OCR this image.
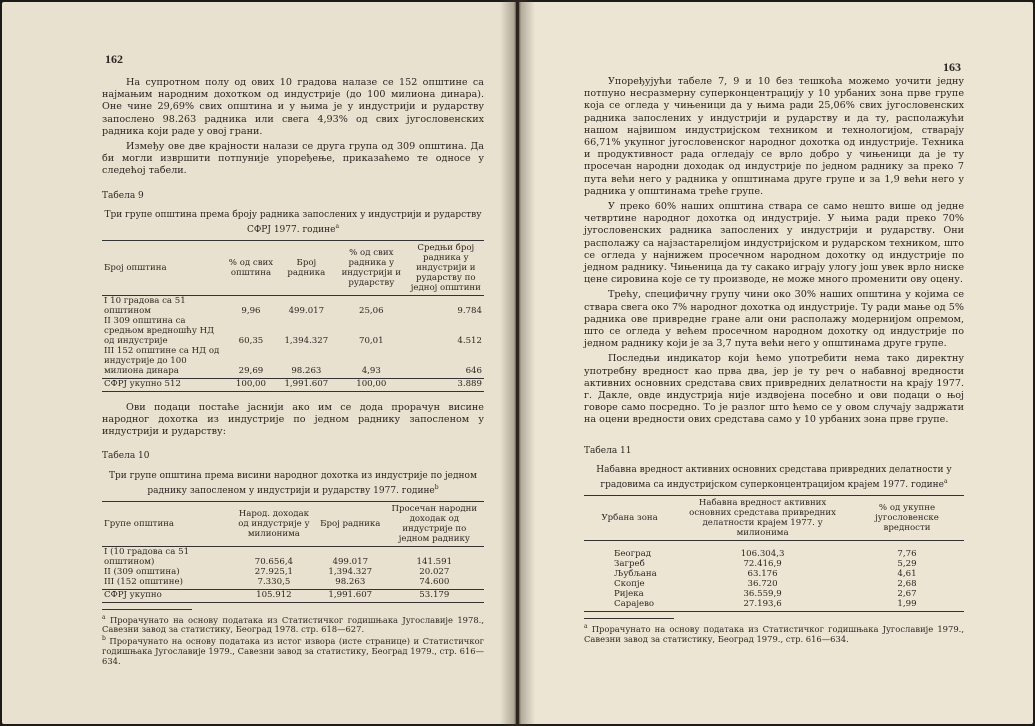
162

На супротном полу од ових 10 градова налазе се 152 општине са најмањим народним дохотком од индустрије (до 100 милиона динара). Оне чине 29,69% свих општина и у њима је у индустрији и рударству запослено 98.263 радника или свега 4,93% од свих југословенских радника који раде у овој грани.

Између ове две крајности налази се друга група од 309 општина. Да би могли извршити потпуније упоређење, приказаћемо те односе у следећој табели.

Табела 9
Три групе општина према броју радника запослених у индустрији и рударству СФРЈ 1977. године$^a$
Број општина	% од свих општина	Број радника	% од свих радника у индустрији и рударству	Средњи број радника у индустрији и рударству по једној општини
I 10 градова са 51 општином	9,96	499.017	25,06	9.784
II 309 општина са средњом вредношћу НД од индустрије	60,35	1,394.327	70,01	4.512
III 152 општине са НД од индустрије до 100 милиона динара	29,69	98.263	4,93	646
СФРЈ укупно 512	100,00	1,991.607	100,00	3.889

Ови подаци постаће јаснији ако им се дода прорачун висине народног дохотка из индустрије по једном раднику запосленом у индустрији и рударству:

Табела 10
Три групе општина према висини народног дохотка из индустрије по једном раднику запосленом у индустрији и рударству 1977. године$^b$
Групе општина	Народ. доходак од индустрије у милионима	Број радника	Просечан народни доходак од индустрије по једном раднику
I (10 градова са 51 општином)	70.656,4	499.017	141.591
II (309 општина)	27.925,1	1,394.327	20.027
III (152 општине)	7.330,5	98.263	74.600
СФРЈ укупно	105.912	1,991.607	53.179
$^a$ Прорачунато на основу података из Статистичког годишњака Југославије 1978., Савезни завод за статистику, Београд 1978. стр. 618—627.
$^b$ Прорачунато на основу података из истог извора (исте странице) и Статистичког годишњака Југославије 1979., Савезни завод за статистику, Београд 1979., стр. 616—634.
163

Упоређујући табелe 7, 9 и 10 без тешкоћа можемо уочити једну потпуно несразмерну суперконцентрацију у 10 урбаних зона прве групе која се огледа у чињеници да у њима ради 25,06% свих југословенских радника запослених у индустрији и рударству и да ту, располажући нашом највишом индустријском техником и технологијом, стварају 66,71% укупног југословенског народног дохотка од индустрије. Техника и продуктивност рада огледају се врло добро у чињеници да је ту просечан народни доходак од индустрије по једном раднику за преко 7 пута већи него у радника у општинама друге групе и за 1,9 већи него у радника у општинама треће групе.

У преко 60% наших општина ствара се само нешто више од једне четвртине народног дохотка од индустрије. У њима ради преко 70% југословенских радника запослених у индустрији и рударству. Они располажу са најзастарелијом индустријском и рударском техником, што се огледа у најнижем просечном народном дохотку од индустрије по једном раднику. Чињеница да ту сакако играју улогу још увек врло ниске цене сировина које се ту производе, не може много променити ову оцену.

Трећу, специфичну групу чини око 30% наших општина у којима се ствара свега око 7% народног дохотка од индустрије. Ту ради мање од 5% радника ове привредне гране али они располажу модернијом опремом, што се огледа у већем просечном народном дохотку од индустрије по једном раднику који је за 3,7 пута већи него у општинама друге групе.

Последњи индикатор који ћемо употребити нема тако директну употребну вредност као прва два, јер је ту реч о набавној вредности активних основних средстава свих привредних делатности на крају 1977. г. Дакле, овде индустрија није издвојена посебно и ови подаци о њој говоре само посредно. То је разлог што ћемо се у овом случају задржати на оцени вредности ових средстава само у 10 урбаних зона прве групе.

Табела 11
Набавна вредност активних основних средстава привредних делатности у градовима са индустријском суперконцентрацијом крајем 1977. године$^a$
Урбана зона	Набавна вредност активних основних средстава привредних делатности крајем 1977. у милионима	% од укупне југословенске вредности

Београд	106.304,3	7,76
Загреб	72.416,9	5,29
Љубљана	63.176	4,61
Скопје	36.720	2,68
Ријека	36.559,9	2,67
Сарајево	27.193,6	1,99
$^a$ Прорачунато на основу података из Статистичког годишњака Југославије 1979., Савезни завод за статистику, Београд 1979., стр. 616—634.
